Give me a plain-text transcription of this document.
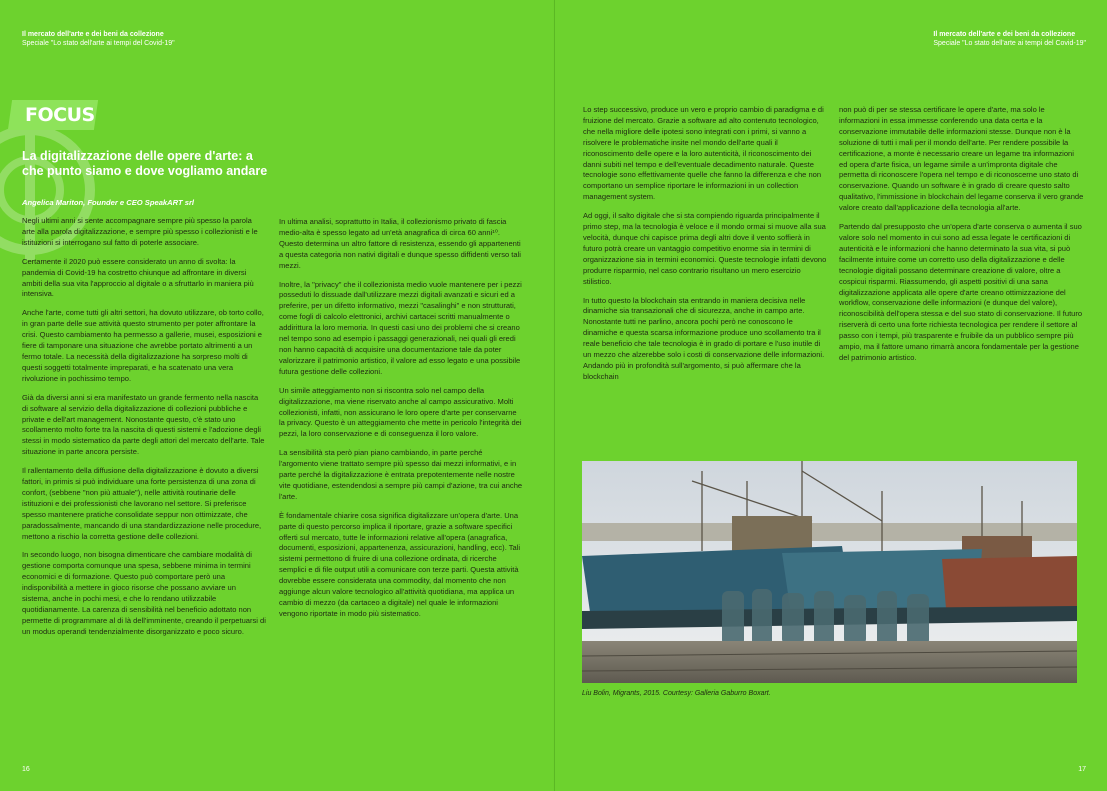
Il mercato dell'arte e dei beni da collezione
Speciale "Lo stato dell'arte ai tempi del Covid-19"
FOCUS
La digitalizzazione delle opere d'arte: a che punto siamo e dove vogliamo andare
Angelica Mariton, Founder e CEO SpeakART srl

Negli ultimi anni si sente accompagnare sempre più spesso la parola arte alla parola digitalizzazione, e sempre più spesso i collezionisti e le istituzioni si interrogano sul fatto di poterle associare.

Certamente il 2020 può essere considerato un anno di svolta: la pandemia di Covid-19 ha costretto chiunque ad affrontare in diversi ambiti della sua vita l'approccio al digitale o a sfruttarlo in maniera più intensiva.

Anche l'arte, come tutti gli altri settori, ha dovuto utilizzare, ob torto collo, in gran parte delle sue attività questo strumento per poter affrontare la crisi. Questo cambiamento ha permesso a gallerie, musei, esposizioni e fiere di tamponare una situazione che avrebbe portato altrimenti a un fermo totale. La necessità della digitalizzazione ha sorpreso molti di questi soggetti totalmente impreparati, e ha scatenato una vera rivoluzione in pochissimo tempo.

Già da diversi anni si era manifestato un grande fermento nella nascita di software al servizio della digitalizzazione di collezioni pubbliche e private e dell'art management. Nonostante questo, c'è stato uno scollamento molto forte tra la nascita di questi sistemi e l'adozione degli stessi in modo sistematico da parte degli attori del mercato dell'arte. Tale situazione in parte ancora persiste.

Il rallentamento della diffusione della digitalizzazione è dovuto a diversi fattori, in primis si può individuare una forte persistenza di una zona di confort, (sebbene "non più attuale"), nelle attività routinarie delle istituzioni e dei professionisti che lavorano nel settore. Si preferisce spesso mantenere pratiche consolidate seppur non ottimizzate, che paradossalmente, mancando di una standardizzazione nelle procedure, mettono a rischio la corretta gestione delle collezioni.

In secondo luogo, non bisogna dimenticare che cambiare modalità di gestione comporta comunque una spesa, sebbene minima in termini economici e di formazione. Questo può comportare però una indisponibilità a mettere in gioco risorse che possano avviare un sistema, anche in pochi mesi, e che lo rendano utilizzabile quotidianamente. La carenza di sensibilità nel beneficio adottato non permette di programmare al di là dell'imminente, creando il perpetuarsi di un modus operandi tendenzialmente disorganizzato e poco sicuro.

In ultima analisi, soprattutto in Italia, il collezionismo privato di fascia medio-alta è spesso legato ad un'età anagrafica di circa 60 anni¹⁰. Questo determina un altro fattore di resistenza, essendo gli appartenenti a questa categoria non nativi digitali e dunque spesso diffidenti verso tali mezzi.

Inoltre, la "privacy" che il collezionista medio vuole mantenere per i pezzi posseduti lo dissuade dall'utilizzare mezzi digitali avanzati e sicuri ed a preferire, per un difetto informativo, mezzi "casalinghi" e non strutturati, come fogli di calcolo elettronici, archivi cartacei scritti manualmente o addirittura la loro memoria. In questi casi uno dei problemi che si creano nel tempo sono ad esempio i passaggi generazionali, nei quali gli eredi non hanno capacità di acquisire una documentazione tale da poter valorizzare il patrimonio artistico, il valore ad esso legato e una possibile futura gestione delle collezioni.

Un simile atteggiamento non si riscontra solo nel campo della digitalizzazione, ma viene riservato anche al campo assicurativo. Molti collezionisti, infatti, non assicurano le loro opere d'arte per conservarne la privacy. Questo è un atteggiamento che mette in pericolo l'integrità dei pezzi, la loro conservazione e di conseguenza il loro valore.

La sensibilità sta però pian piano cambiando, in parte perché l'argomento viene trattato sempre più spesso dai mezzi informativi, e in parte perché la digitalizzazione è entrata prepotentemente nelle nostre vite quotidiane, estendendosi a sempre più campi d'azione, tra cui anche l'arte.

È fondamentale chiarire cosa significa digitalizzare un'opera d'arte. Una parte di questo percorso implica il riportare, grazie a software specifici offerti sul mercato, tutte le informazioni relative all'opera (anagrafica, documenti, esposizioni, appartenenza, assicurazioni, handling, ecc). Tali sistemi permettono di fruire di una collezione ordinata, di ricerche semplici e di file output utili a comunicare con terze parti. Questa attività dovrebbe essere considerata una commodity, dal momento che non aggiunge alcun valore tecnologico all'attività quotidiana, ma applica un cambio di mezzo (da cartaceo a digitale) nel quale le informazioni vengono riportate in modo più sistematico.

16
Il mercato dell'arte e dei beni da collezione
Speciale "Lo stato dell'arte ai tempi del Covid-19"

Lo step successivo, produce un vero e proprio cambio di paradigma e di fruizione del mercato. Grazie a software ad alto contenuto tecnologico, che nella migliore delle ipotesi sono integrati con i primi, si vanno a risolvere le problematiche insite nel mondo dell'arte quali il riconoscimento delle opere e la loro autenticità, il riconoscimento dei danni subiti nel tempo e dell'eventuale decadimento naturale. Queste tecnologie sono effettivamente quelle che fanno la differenza e che non comportano un semplice riportare le informazioni in un collection management system.

Ad oggi, il salto digitale che si sta compiendo riguarda principalmente il primo step, ma la tecnologia è veloce e il mondo ormai si muove alla sua velocità, dunque chi capisce prima degli altri dove il vento soffierà in futuro potrà creare un vantaggio competitivo enorme sia in termini di organizzazione sia in termini economici. Queste tecnologie infatti devono produrre risparmio, nel caso contrario risultano un mero esercizio stilistico.

In tutto questo la blockchain sta entrando in maniera decisiva nelle dinamiche sia transazionali che di sicurezza, anche in campo arte. Nonostante tutti ne parlino, ancora pochi però ne conoscono le dinamiche e questa scarsa informazione produce uno scollamento tra il reale beneficio che tale tecnologia è in grado di portare e l'uso inutile di un mezzo che alzerebbe solo i costi di conservazione delle informazioni. Andando più in profondità sull'argomento, si può affermare che la blockchain

non può di per se stessa certificare le opere d'arte, ma solo le informazioni in essa immesse conferendo una data certa e la conservazione immutabile delle informazioni stesse. Dunque non è la soluzione di tutti i mali per il mondo dell'arte. Per rendere possibile la certificazione, a monte è necessario creare un legame tra informazioni ed opera d'arte fisica, un legame simile a un'impronta digitale che permetta di riconoscere l'opera nel tempo e di riconoscerne uno stato di conservazione. Quando un software è in grado di creare questo salto qualitativo, l'immissione in blockchain del legame conserva il vero grande valore creato dall'applicazione della tecnologia all'arte.

Partendo dal presupposto che un'opera d'arte conserva o aumenta il suo valore solo nel momento in cui sono ad essa legate le certificazioni di autenticità e le informazioni che hanno determinato la sua vita, si può facilmente intuire come un corretto uso della digitalizzazione e delle tecnologie digitali possano determinare creazione di valore, oltre a cospicui risparmi. Riassumendo, gli aspetti positivi di una sana digitalizzazione applicata alle opere d'arte creano ottimizzazione del workflow, conservazione delle informazioni (e dunque del valore), riconoscibilità dell'opera stessa e del suo stato di conservazione. Il futuro riserverà di certo una forte richiesta tecnologica per rendere il settore al passo con i tempi, più trasparente e fruibile da un pubblico sempre più ampio, ma il fattore umano rimarrà ancora fondamentale per la gestione del patrimonio artistico.

Liu Bolin, Migrants, 2015. Courtesy: Galleria Gaburro Boxart.
17
